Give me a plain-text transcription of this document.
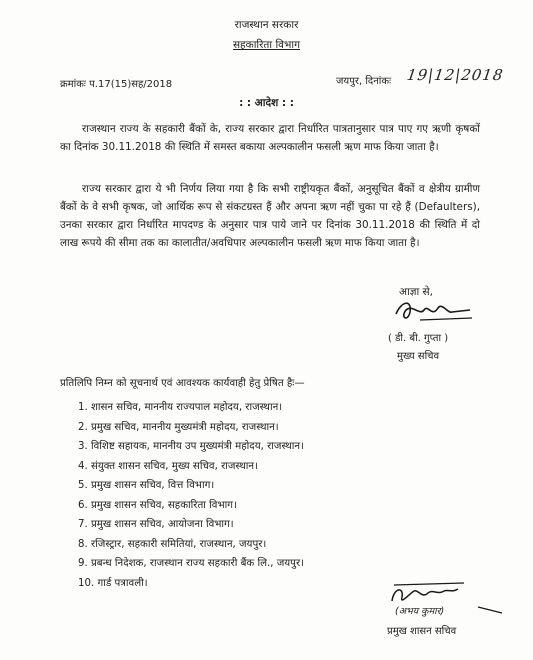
राजस्थान सरकार
सहकारिता विभाग
क्रमांकः प.17(15)सह/2018	जयपुर, दिनांकः 19|12|2018
: : आदेश : :

राजस्थान राज्य के सहकारी बैंकों के, राज्य सरकार द्वारा निर्धारित पात्रतानुसार पात्र पाए गए ऋणी कृषकों का दिनांक 30.11.2018 की स्थिति में समस्त बकाया अल्पकालीन फसली ऋण माफ किया जाता है।

राज्य सरकार द्वारा ये भी निर्णय लिया गया है कि सभी राष्ट्रीयकृत बैंकों, अनुसूचित बैंकों व क्षेत्रीय ग्रामीण बैंकों के वे सभी कृषक, जो आर्थिक रूप से संकटग्रस्त हैं और अपना ऋण नहीं चुका पा रहे हैं (Defaulters), उनका सरकार द्वारा निर्धारित मापदण्ड के अनुसार पात्र पाये जाने पर दिनांक 30.11.2018 की स्थिति में दो लाख रूपये की सीमा तक का कालातीत/अवधिपार अल्पकालीन फसली ऋण माफ किया जाता है।

आज्ञा से,
( डी. बी. गुप्ता )
मुख्य सचिव
प्रतिलिपि निम्न को सूचनार्थ एवं आवश्यक कार्यवाही हेतु प्रेषित हैः—
1. शासन सचिव, माननीय राज्यपाल महोदय, राजस्थान।
2. प्रमुख सचिव, माननीय मुख्यमंत्री महोदय, राजस्थान।
3. विशिष्ट सहायक, माननीय उप मुख्यमंत्री महोदय, राजस्थान।
4. संयुक्त शासन सचिव, मुख्य सचिव, राजस्थान।
5. प्रमुख शासन सचिव, वित्त विभाग।
6. प्रमुख शासन सचिव, सहकारिता विभाग।
7. प्रमुख शासन सचिव, आयोजना विभाग।
8. रजिस्ट्रार, सहकारी समितियां, राजस्थान, जयपुर।
9. प्रबन्ध निदेशक, राजस्थान राज्य सहकारी बैंक लि., जयपुर।
10. गार्ड पत्रावली।
(अभय कुमार)
प्रमुख शासन सचिव
